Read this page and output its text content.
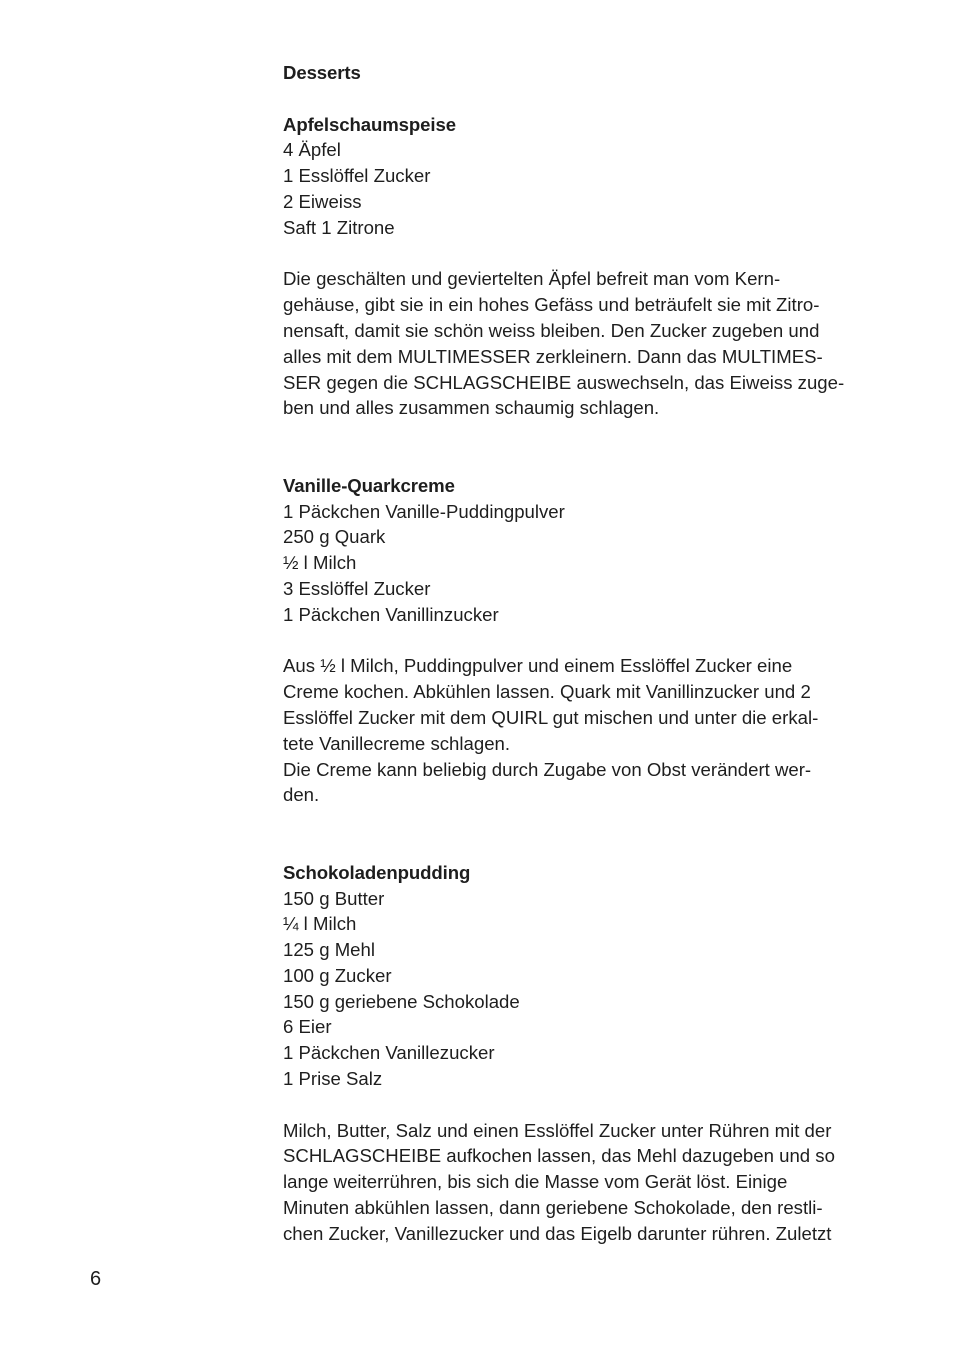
Desserts
Apfelschaumspeise
4 Äpfel
1 Esslöffel Zucker
2 Eiweiss
Saft 1 Zitrone
Die geschälten und geviertelten Äpfel befreit man vom Kern-
gehäuse, gibt sie in ein hohes Gefäss und beträufelt sie mit Zitro-
nensaft, damit sie schön weiss bleiben. Den Zucker zugeben und
alles mit dem MULTIMESSER zerkleinern. Dann das MULTIMES-
SER gegen die SCHLAGSCHEIBE auswechseln, das Eiweiss zuge-
ben und alles zusammen schaumig schlagen.
Vanille-Quarkcreme
1 Päckchen Vanille-Puddingpulver
250 g Quark
½ l Milch
3 Esslöffel Zucker
1 Päckchen Vanillinzucker
Aus ½ l Milch, Puddingpulver und einem Esslöffel Zucker eine
Creme kochen. Abkühlen lassen. Quark mit Vanillinzucker und 2
Esslöffel Zucker mit dem QUIRL gut mischen und unter die erkal-
tete Vanillecreme schlagen.
Die Creme kann beliebig durch Zugabe von Obst verändert wer-
den.
Schokoladenpudding
150 g Butter
¼ l Milch
125 g Mehl
100 g Zucker
150 g geriebene Schokolade
6 Eier
1 Päckchen Vanillezucker
1 Prise Salz
Milch, Butter, Salz und einen Esslöffel Zucker unter Rühren mit der
SCHLAGSCHEIBE aufkochen lassen, das Mehl dazugeben und so
lange weiterrühren, bis sich die Masse vom Gerät löst. Einige
Minuten abkühlen lassen, dann geriebene Schokolade, den restli-
chen Zucker, Vanillezucker und das Eigelb darunter rühren. Zuletzt
6
